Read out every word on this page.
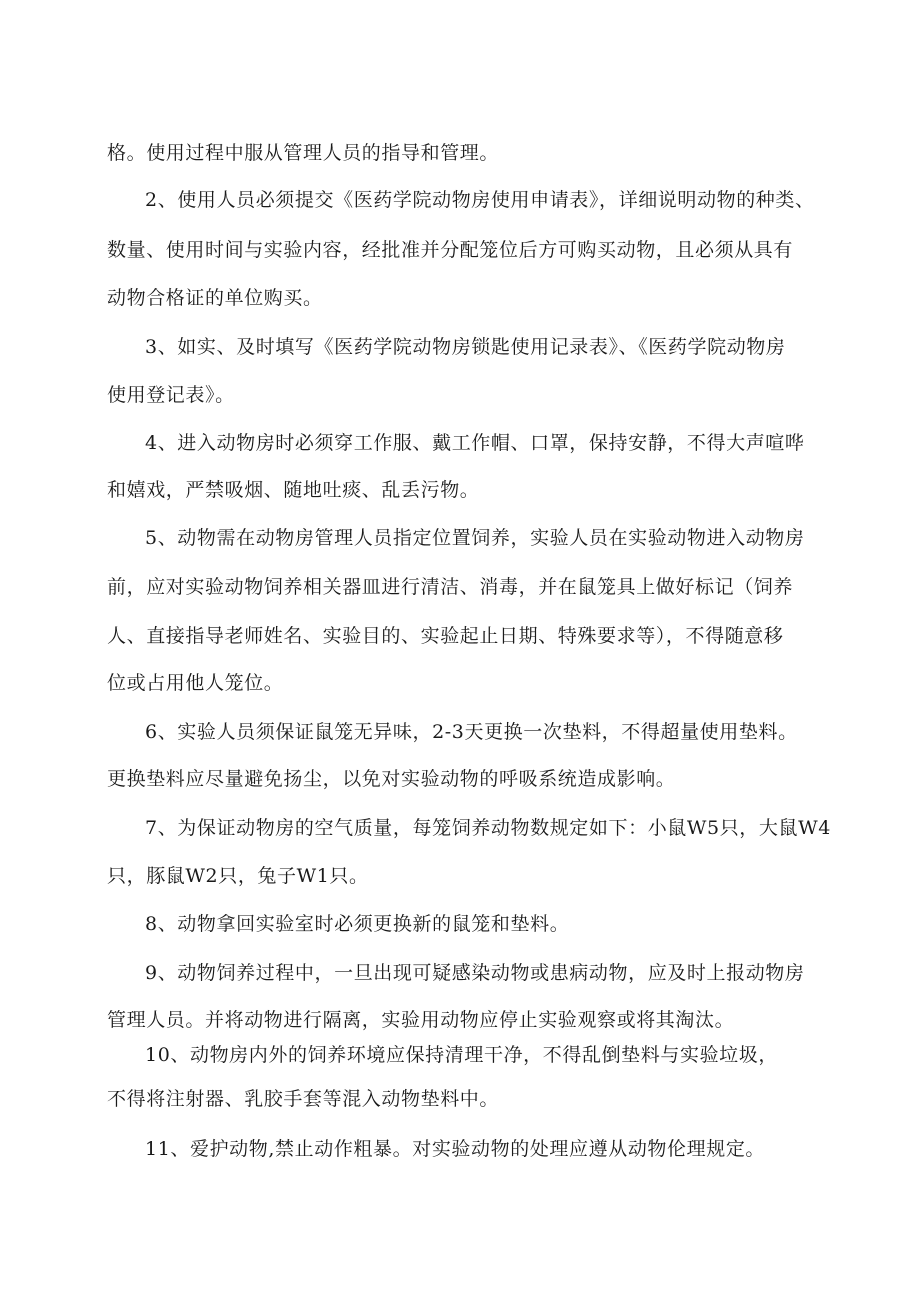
格。使用过程中服从管理人员的指导和管理。

2、使用人员必须提交《医药学院动物房使用申请表》，详细说明动物的种类、

数量、使用时间与实验内容，经批准并分配笼位后方可购买动物，且必须从具有

动物合格证的单位购买。

3、如实、及时填写《医药学院动物房锁匙使用记录表》、《医药学院动物房

使用登记表》。

4、进入动物房时必须穿工作服、戴工作帽、口罩，保持安静，不得大声喧哗

和嬉戏，严禁吸烟、随地吐痰、乱丢污物。

5、动物需在动物房管理人员指定位置饲养，实验人员在实验动物进入动物房

前，应对实验动物饲养相关器皿进行清洁、消毒，并在鼠笼具上做好标记（饲养

人、直接指导老师姓名、实验目的、实验起止日期、特殊要求等），不得随意移

位或占用他人笼位。

6、实验人员须保证鼠笼无异味，2-3天更换一次垫料，不得超量使用垫料。

更换垫料应尽量避免扬尘，以免对实验动物的呼吸系统造成影响。

7、为保证动物房的空气质量，每笼饲养动物数规定如下：小鼠W5只，大鼠W4

只，豚鼠W2只，兔子W1只。

8、动物拿回实验室时必须更换新的鼠笼和垫料。

9、动物饲养过程中，一旦出现可疑感染动物或患病动物，应及时上报动物房

管理人员。并将动物进行隔离，实验用动物应停止实验观察或将其淘汰。

10、动物房内外的饲养环境应保持清理干净，不得乱倒垫料与实验垃圾，

不得将注射器、乳胶手套等混入动物垫料中。

11、爱护动物,禁止动作粗暴。对实验动物的处理应遵从动物伦理规定。
